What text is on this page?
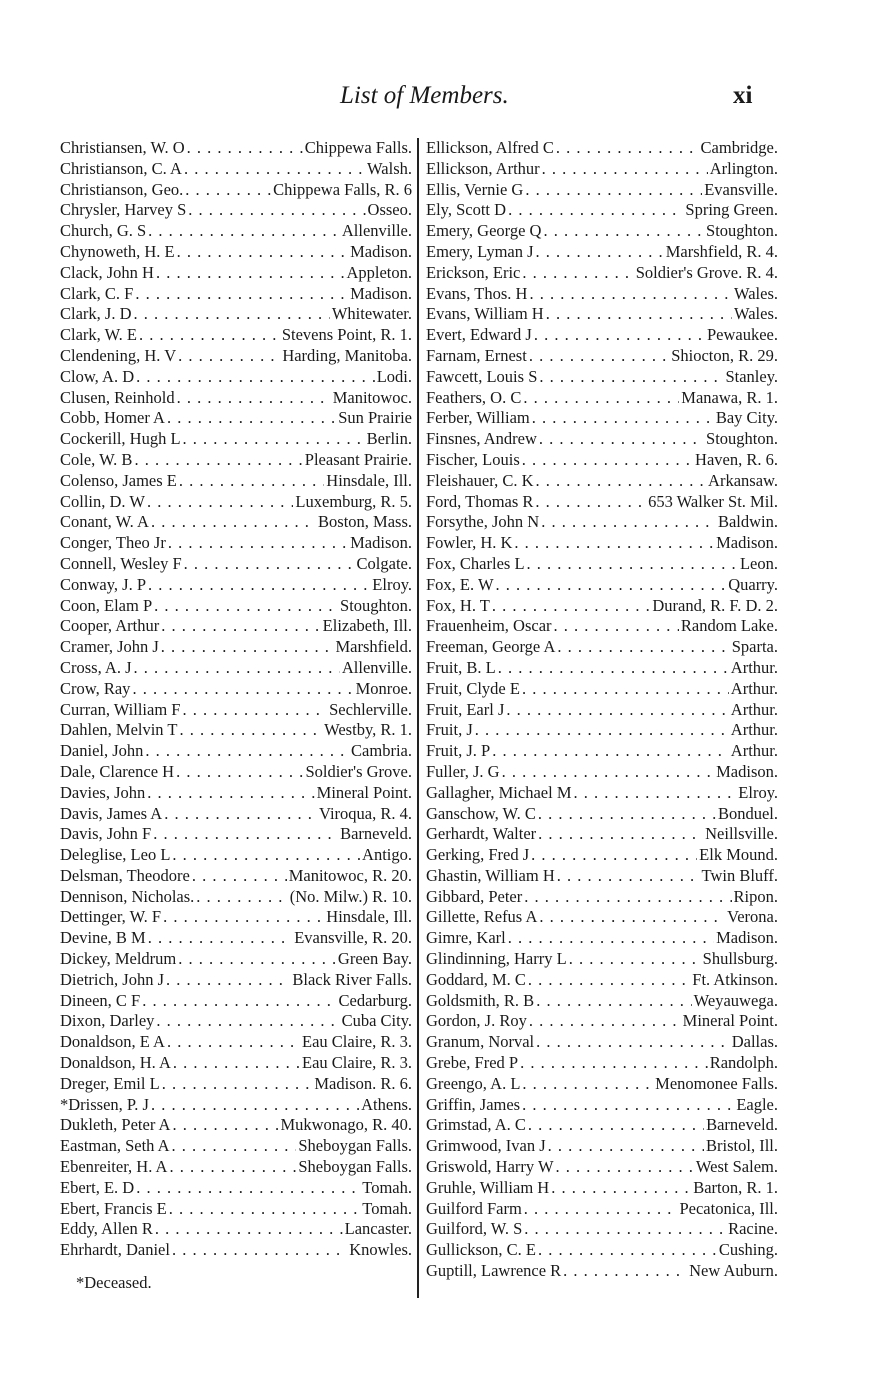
List of Members.	xi
Christiansen, W. O . . .	Chippewa Falls.
Christianson, C. A . . .	Walsh.
Christianson, Geo. . . .	Chippewa Falls, R. 6
Chrysler, Harvey S . . .	Osseo.
Church, G. S . . .	Allenville.
Chynoweth, H. E . . .	Madison.
Clack, John H . . .	Appleton.
Clark, C. F . . .	Madison.
Clark, J. D . . .	Whitewater.
Clark, W. E . . .	Stevens Point, R. 1.
Clendening, H. V . . .	Harding, Manitoba.
Clow, A. D . . .	Lodi.
Clusen, Reinhold . . .	Manitowoc.
Cobb, Homer A . . .	Sun Prairie
Cockerill, Hugh L . . .	Berlin.
Cole, W. B . . .	Pleasant Prairie.
Colenso, James E . . .	Hinsdale, Ill.
Collin, D. W . . .	Luxemburg, R. 5.
Conant, W. A . . .	Boston, Mass.
Conger, Theo Jr . . .	Madison.
Connell, Wesley F . . .	Colgate.
Conway, J. P . . .	Elroy.
Coon, Elam P . . .	Stoughton.
Cooper, Arthur . . .	Elizabeth, Ill.
Cramer, John J . . .	Marshfield.
Cross, A. J . . .	Allenville.
Crow, Ray . . .	Monroe.
Curran, William F . . .	Sechlerville.
Dahlen, Melvin T . . .	Westby, R. 1.
Daniel, John . . .	Cambria.
Dale, Clarence H . . .	Soldier's Grove.
Davies, John . . .	Mineral Point.
Davis, James A . . .	Viroqua, R. 4.
Davis, John F . . .	Barneveld.
Deleglise, Leo L . . .	Antigo.
Delsman, Theodore . . .	Manitowoc, R. 20.
Dennison, Nicholas. . . .	(No. Milw.) R. 10.
Dettinger, W. F . . .	Hinsdale, Ill.
Devine, B M . . .	Evansville, R. 20.
Dickey, Meldrum . . .	Green Bay.
Dietrich, John J . . .	Black River Falls.
Dineen, C F . . .	Cedarburg.
Dixon, Darley . . .	Cuba City.
Donaldson, E A . . .	Eau Claire, R. 3.
Donaldson, H. A . . .	Eau Claire, R. 3.
Dreger, Emil L . . .	Madison. R. 6.
*Drissen, P. J . . .	Athens.
Dukleth, Peter A . . .	Mukwonago, R. 40.
Eastman, Seth A . . .	Sheboygan Falls.
Ebenreiter, H. A . . .	Sheboygan Falls.
Ebert, E. D . . .	Tomah.
Ebert, Francis E . . .	Tomah.
Eddy, Allen R . . .	Lancaster.
Ehrhardt, Daniel . . .	Knowles.
Ellickson, Alfred C . . .	Cambridge.
Ellickson, Arthur . . .	Arlington.
Ellis, Vernie G . . .	Evansville.
Ely, Scott D . . .	Spring Green.
Emery, George Q . . .	Stoughton.
Emery, Lyman J . . .	Marshfield, R. 4.
Erickson, Eric . . .	Soldier's Grove. R. 4.
Evans, Thos. H . . .	Wales.
Evans, William H . . .	Wales.
Evert, Edward J . . .	Pewaukee.
Farnam, Ernest . . .	Shiocton, R. 29.
Fawcett, Louis S . . .	Stanley.
Feathers, O. C . . .	Manawa, R. 1.
Ferber, William . . .	Bay City.
Finsnes, Andrew . . .	Stoughton.
Fischer, Louis . . .	Haven, R. 6.
Fleishauer, C. K . . .	Arkansaw.
Ford, Thomas R . . .	653 Walker St. Mil.
Forsythe, John N . . .	Baldwin.
Fowler, H. K . . .	Madison.
Fox, Charles L . . .	Leon.
Fox, E. W . . .	Quarry.
Fox, H. T . . .	Durand, R. F. D. 2.
Frauenheim, Oscar . . .	Random Lake.
Freeman, George A . . .	Sparta.
Fruit, B. L . . .	Arthur.
Fruit, Clyde E . . .	Arthur.
Fruit, Earl J . . .	Arthur.
Fruit, J . . .	Arthur.
Fruit, J. P . . .	Arthur.
Fuller, J. G . . .	Madison.
Gallagher, Michael M . . .	Elroy.
Ganschow, W. C . . .	Bonduel.
Gerhardt, Walter . . .	Neillsville.
Gerking, Fred J . . .	Elk Mound.
Ghastin, William H . . .	Twin Bluff.
Gibbard, Peter . . .	Ripon.
Gillette, Refus A . . .	Verona.
Gimre, Karl . . .	Madison.
Glindinning, Harry L . . .	Shullsburg.
Goddard, M. C . . .	Ft. Atkinson.
Goldsmith, R. B . . .	Weyauwega.
Gordon, J. Roy . . .	Mineral Point.
Granum, Norval . . .	Dallas.
Grebe, Fred P . . .	Randolph.
Greengo, A. L . . .	Menomonee Falls.
Griffin, James . . .	Eagle.
Grimstad, A. C . . .	Barneveld.
Grimwood, Ivan J . . .	Bristol, Ill.
Griswold, Harry W . . .	West Salem.
Gruhle, William H . . .	Barton, R. 1.
Guilford Farm . . .	Pecatonica, Ill.
Guilford, W. S . . .	Racine.
Gullickson, C. E . . .	Cushing.
Guptill, Lawrence R . . .	New Auburn.
*Deceased.
